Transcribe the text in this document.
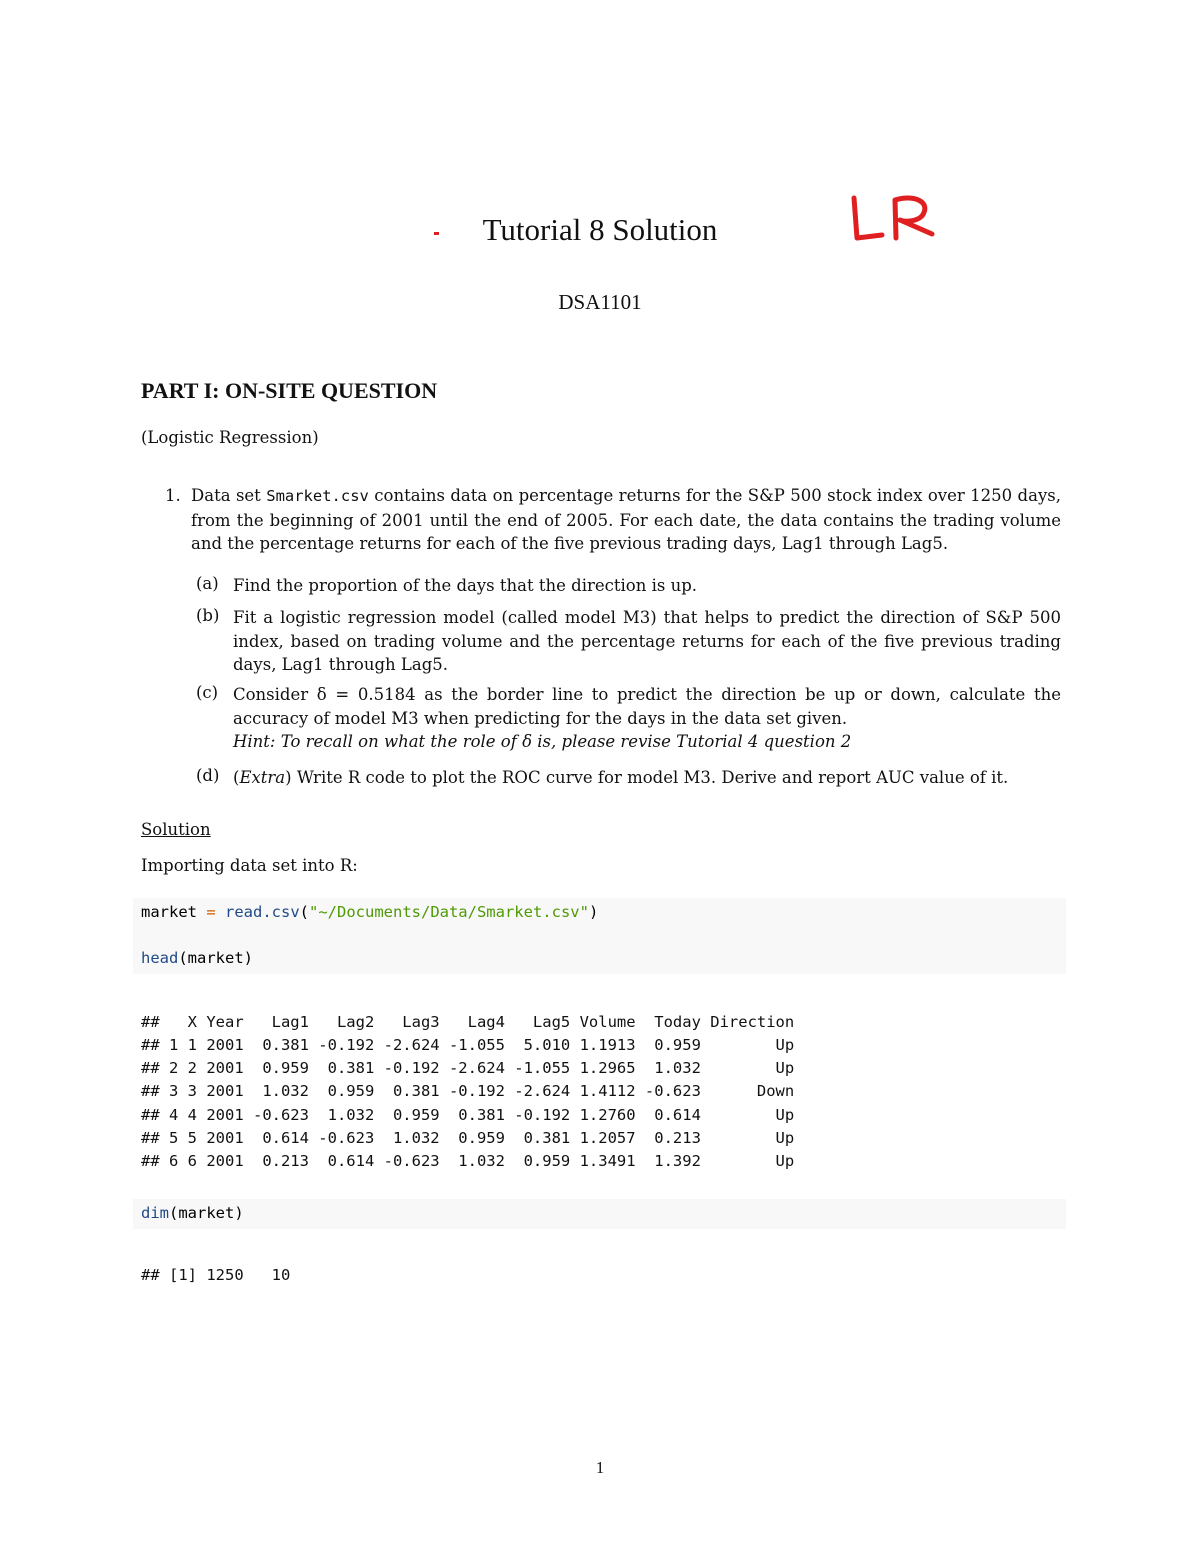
Tutorial 8 Solution
DSA1101
PART I: ON-SITE QUESTION
(Logistic Regression)
1. Data set Smarket.csv contains data on percentage returns for the S&P 500 stock index over 1250 days, from the beginning of 2001 until the end of 2005. For each date, the data contains the trading volume and the percentage returns for each of the five previous trading days, Lag1 through Lag5.
(a) Find the proportion of the days that the direction is up.
(b) Fit a logistic regression model (called model M3) that helps to predict the direction of S&P 500 index, based on trading volume and the percentage returns for each of the five previous trading days, Lag1 through Lag5.
(c) Consider δ = 0.5184 as the border line to predict the direction be up or down, calculate the accuracy of model M3 when predicting for the days in the data set given.
Hint: To recall on what the role of δ is, please revise Tutorial 4 question 2
(d) (Extra) Write R code to plot the ROC curve for model M3. Derive and report AUC value of it.
Solution
Importing data set into R:
market = read.csv("~/Documents/Data/Smarket.csv")
head(market)
##   X Year   Lag1   Lag2   Lag3   Lag4   Lag5 Volume  Today Direction
## 1 1 2001  0.381 -0.192 -2.624 -1.055  5.010 1.1913  0.959        Up
## 2 2 2001  0.959  0.381 -0.192 -2.624 -1.055 1.2965  1.032        Up
## 3 3 2001  1.032  0.959  0.381 -0.192 -2.624 1.4112 -0.623      Down
## 4 4 2001 -0.623  1.032  0.959  0.381 -0.192 1.2760  0.614        Up
## 5 5 2001  0.614 -0.623  1.032  0.959  0.381 1.2057  0.213        Up
## 6 6 2001  0.213  0.614 -0.623  1.032  0.959 1.3491  1.392        Up
dim(market)
## [1] 1250   10
1
